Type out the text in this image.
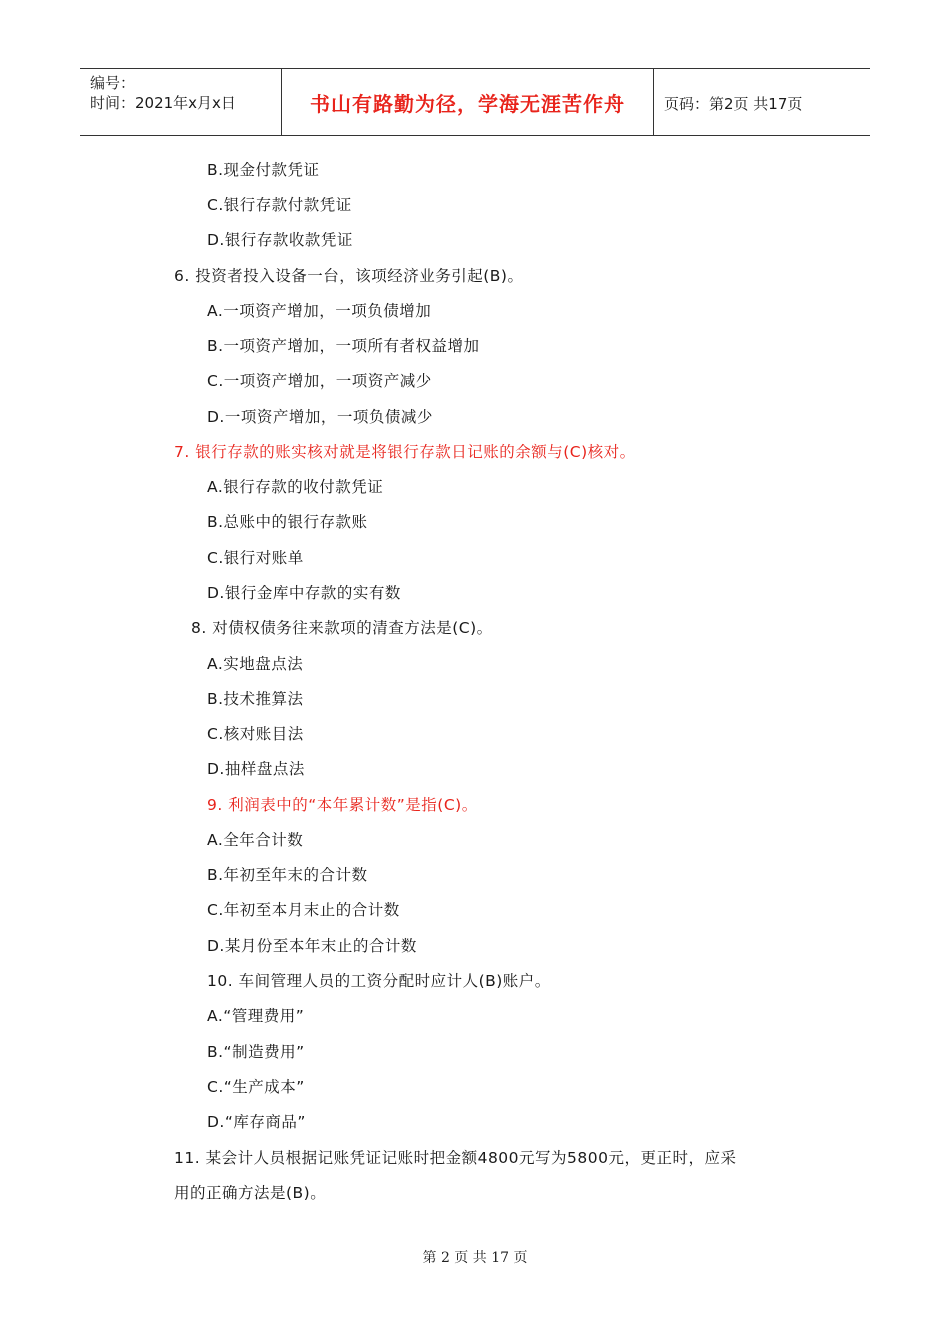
编号：
时间：2021年x月x日	书山有路勤为径，学海无涯苦作舟	页码：第2页 共17页
B.现金付款凭证
C.银行存款付款凭证
D.银行存款收款凭证
6. 投资者投入设备一台，该项经济业务引起(B)。
A.一项资产增加，一项负债增加
B.一项资产增加，一项所有者权益增加
C.一项资产增加，一项资产减少
D.一项资产增加，一项负债减少
7. 银行存款的账实核对就是将银行存款日记账的余额与(C)核对。
A.银行存款的收付款凭证
B.总账中的银行存款账
C.银行对账单
D.银行金库中存款的实有数
8. 对债权债务往来款项的清查方法是(C)。
A.实地盘点法
B.技术推算法
C.核对账目法
D.抽样盘点法
9. 利润表中的“本年累计数”是指(C)。
A.全年合计数
B.年初至年末的合计数
C.年初至本月末止的合计数
D.某月份至本年末止的合计数
10. 车间管理人员的工资分配时应计人(B)账户。
A.“管理费用”
B.“制造费用”
C.“生产成本”
D.“库存商品”
11. 某会计人员根据记账凭证记账时把金额4800元写为5800元，更正时，应采
用的正确方法是(B)。
第 2 页 共 17 页
